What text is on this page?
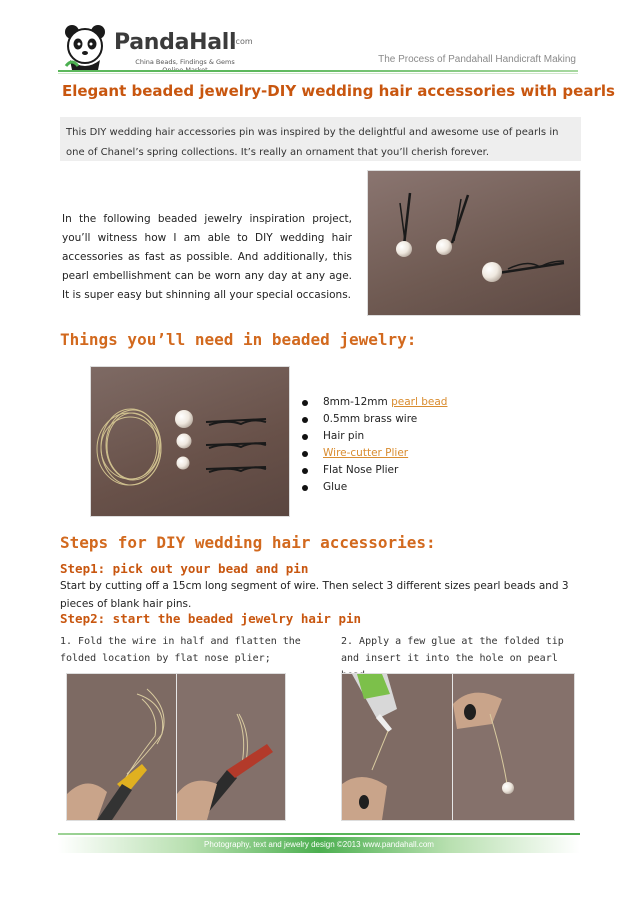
PandaHall
.com
China Beads, Findings & Gems	The Process of Pandahall Handicraft Making
Elegant beaded jewelry-DIY wedding hair accessories with pearls
This DIY wedding hair accessories pin was inspired by the delightful and awesome use of pearls in one of Chanel’s spring collections. It’s really an ornament that you’ll cherish forever.
In the following beaded jewelry inspiration project, you’ll witness how I am able to DIY wedding hair accessories as fast as possible. And additionally, this pearl embellishment can be worn any day at any age. It is super easy but shinning all your special occasions.
Things you’ll need in beaded jewelry:
8mm-12mm pearl bead
0.5mm brass wire
Hair pin
Wire-cutter Plier
Flat Nose Plier
Glue
Steps for DIY wedding hair accessories:
Step1: pick out your bead and pin
Start by cutting off a 15cm long segment of wire. Then select 3 different sizes pearl beads and 3 pieces of blank hair pins.
Step2: start the beaded jewelry hair pin
1. Fold the wire in half and flatten the folded location by flat nose plier;
2. Apply a few glue at the folded tip and insert it into the hole on pearl
Photography, text and jewelry design ©2013 www.pandahall.com
